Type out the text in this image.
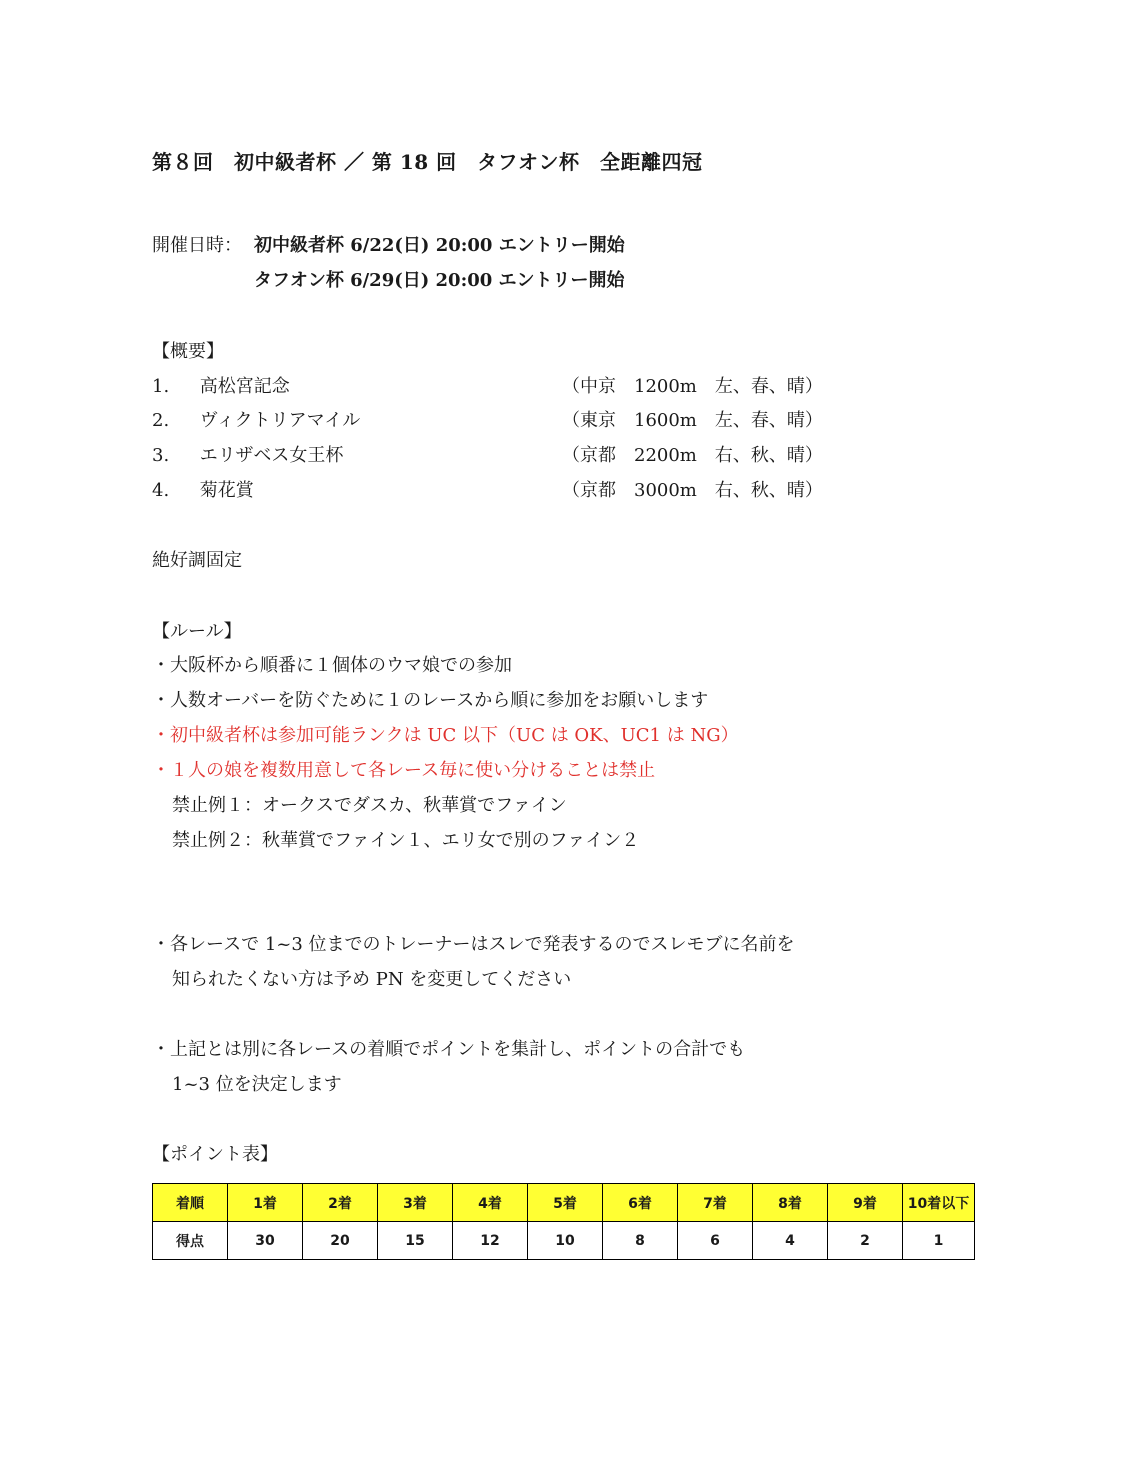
第８回　初中級者杯 ／ 第 18 回　タフオン杯　全距離四冠
開催日時： 初中級者杯 6/22(日) 20:00 エントリー開始
タフオン杯 6/29(日) 20:00 エントリー開始
【概要】
1. 高松宮記念	（中京　1200m　左、春、晴）
2. ヴィクトリアマイル	（東京　1600m　左、春、晴）
3. エリザベス女王杯	（京都　2200m　右、秋、晴）
4. 菊花賞	（京都　3000m　右、秋、晴）
絶好調固定
【ルール】
・大阪杯から順番に１個体のウマ娘での参加
・人数オーバーを防ぐために１のレースから順に参加をお願いします
・初中級者杯は参加可能ランクは UC 以下（UC は OK、UC1 は NG）
・１人の娘を複数用意して各レース毎に使い分けることは禁止
禁止例１：オークスでダスカ、秋華賞でファイン
禁止例２：秋華賞でファイン１、エリ女で別のファイン２
・各レースで 1~3 位までのトレーナーはスレで発表するのでスレモブに名前を
知られたくない方は予め PN を変更してください
・上記とは別に各レースの着順でポイントを集計し、ポイントの合計でも
1~3 位を決定します
【ポイント表】
着順	1着	2着	3着	4着	5着	6着	7着	8着	9着	10着以下
得点	30	20	15	12	10	8	6	4	2	1
